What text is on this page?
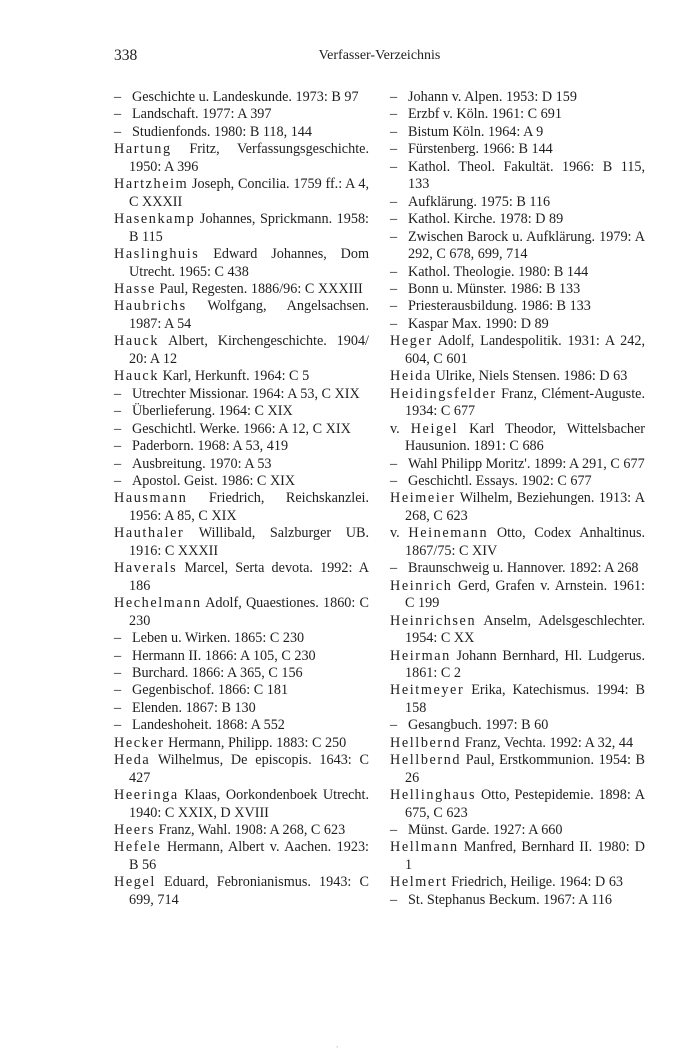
338	Verfasser-Verzeichnis
– Geschichte u. Landeskunde. 1973: B 97
– Landschaft. 1977: A 397
– Studienfonds. 1980: B 118, 144
Hartung Fritz, Verfassungsgeschichte. 1950: A 396
Hartzheim Joseph, Concilia. 1759 ff.: A 4, C XXXII
Hasenkamp Johannes, Sprickmann. 1958: B 115
Haslinghuis Edward Johannes, Dom Utrecht. 1965: C 438
Hasse Paul, Regesten. 1886/96: C XXXIII
Haubrichs Wolfgang, Angelsachsen. 1987: A 54
Hauck Albert, Kirchengeschichte. 1904/ 20: A 12
Hauck Karl, Herkunft. 1964: C 5
– Utrechter Missionar. 1964: A 53, C XIX
– Überlieferung. 1964: C XIX
– Geschichtl. Werke. 1966: A 12, C XIX
– Paderborn. 1968: A 53, 419
– Ausbreitung. 1970: A 53
– Apostol. Geist. 1986: C XIX
Hausmann Friedrich, Reichskanzlei. 1956: A 85, C XIX
Hauthaler Willibald, Salzburger UB. 1916: C XXXII
Haverals Marcel, Serta devota. 1992: A 186
Hechelmann Adolf, Quaestiones. 1860: C 230
– Leben u. Wirken. 1865: C 230
– Hermann II. 1866: A 105, C 230
– Burchard. 1866: A 365, C 156
– Gegenbischof. 1866: C 181
– Elenden. 1867: B 130
– Landeshoheit. 1868: A 552
Hecker Hermann, Philipp. 1883: C 250
Heda Wilhelmus, De episcopis. 1643: C 427
Heeringa Klaas, Oorkondenboek Utrecht. 1940: C XXIX, D XVIII
Heers Franz, Wahl. 1908: A 268, C 623
Hefele Hermann, Albert v. Aachen. 1923: B 56
Hegel Eduard, Febronianismus. 1943: C 699, 714
– Johann v. Alpen. 1953: D 159
– Erzbf v. Köln. 1961: C 691
– Bistum Köln. 1964: A 9
– Fürstenberg. 1966: B 144
– Kathol. Theol. Fakultät. 1966: B 115, 133
– Aufklärung. 1975: B 116
– Kathol. Kirche. 1978: D 89
– Zwischen Barock u. Aufklärung. 1979: A 292, C 678, 699, 714
– Kathol. Theologie. 1980: B 144
– Bonn u. Münster. 1986: B 133
– Priesterausbildung. 1986: B 133
– Kaspar Max. 1990: D 89
Heger Adolf, Landespolitik. 1931: A 242, 604, C 601
Heida Ulrike, Niels Stensen. 1986: D 63
Heidingsfelder Franz, Clément-Auguste. 1934: C 677
v. Heigel Karl Theodor, Wittelsbacher Hausunion. 1891: C 686
– Wahl Philipp Moritz'. 1899: A 291, C 677
– Geschichtl. Essays. 1902: C 677
Heimeier Wilhelm, Beziehungen. 1913: A 268, C 623
v. Heinemann Otto, Codex Anhaltinus. 1867/75: C XIV
– Braunschweig u. Hannover. 1892: A 268
Heinrich Gerd, Grafen v. Arnstein. 1961: C 199
Heinrichsen Anselm, Adelsgeschlechter. 1954: C XX
Heirman Johann Bernhard, Hl. Ludgerus. 1861: C 2
Heitmeyer Erika, Katechismus. 1994: B 158
– Gesangbuch. 1997: B 60
Hellbernd Franz, Vechta. 1992: A 32, 44
Hellbernd Paul, Erstkommunion. 1954: B 26
Hellinghaus Otto, Pestepidemie. 1898: A 675, C 623
– Münst. Garde. 1927: A 660
Hellmann Manfred, Bernhard II. 1980: D 1
Helmert Friedrich, Heilige. 1964: D 63
– St. Stephanus Beckum. 1967: A 116
ˎ
